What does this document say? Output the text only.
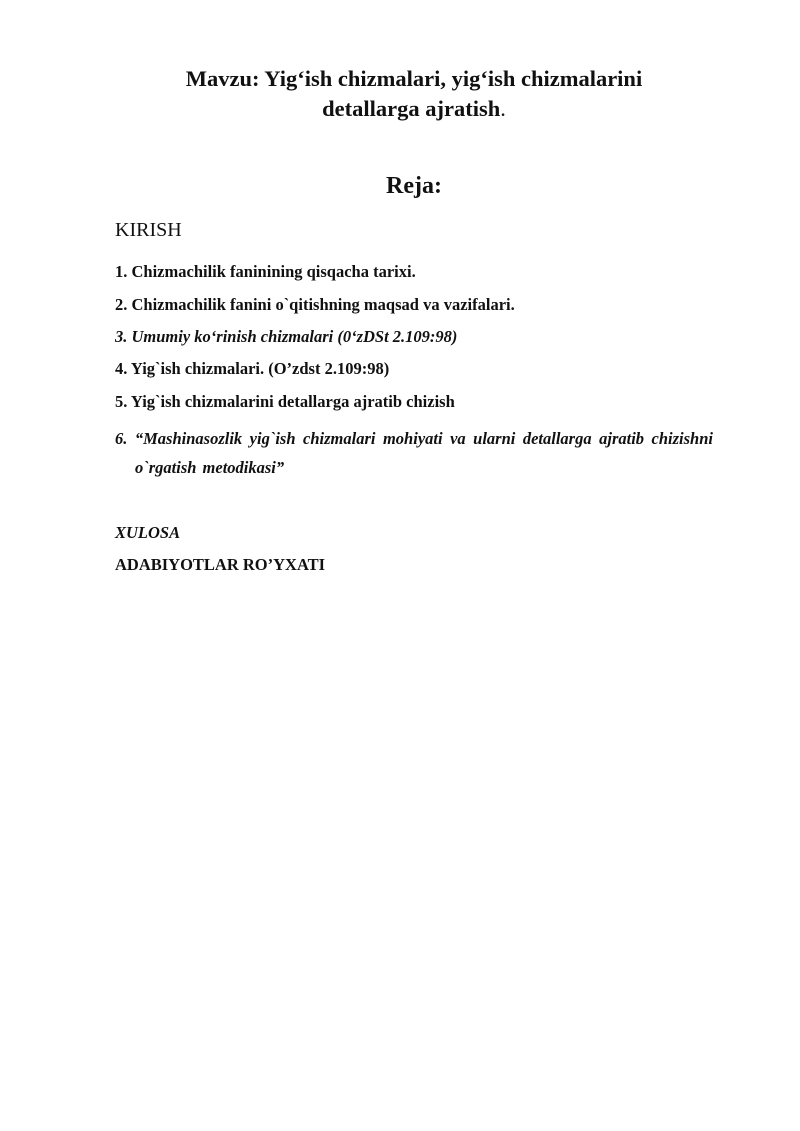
Mavzu: Yig‘ish chizmalari, yig‘ish chizmalarini
detallarga ajratish.
Reja:
KIRISH
1. Chizmachilik faninining qisqacha tarixi.
2. Chizmachilik fanini o`qitishning maqsad va vazifalari.
3. Umumiy ko‘rinish chizmalari (0‘zDSt 2.109:98)
4. Yig`ish chizmalari. (O’zdst 2.109:98)
5. Yig`ish chizmalarini detallarga ajratib chizish
6. “Mashinasozlik yig`ish chizmalari mohiyati va ularni detallarga ajratib chizishni o`rgatish metodikasi”
XULOSA
ADABIYOTLAR RO’YXATI
